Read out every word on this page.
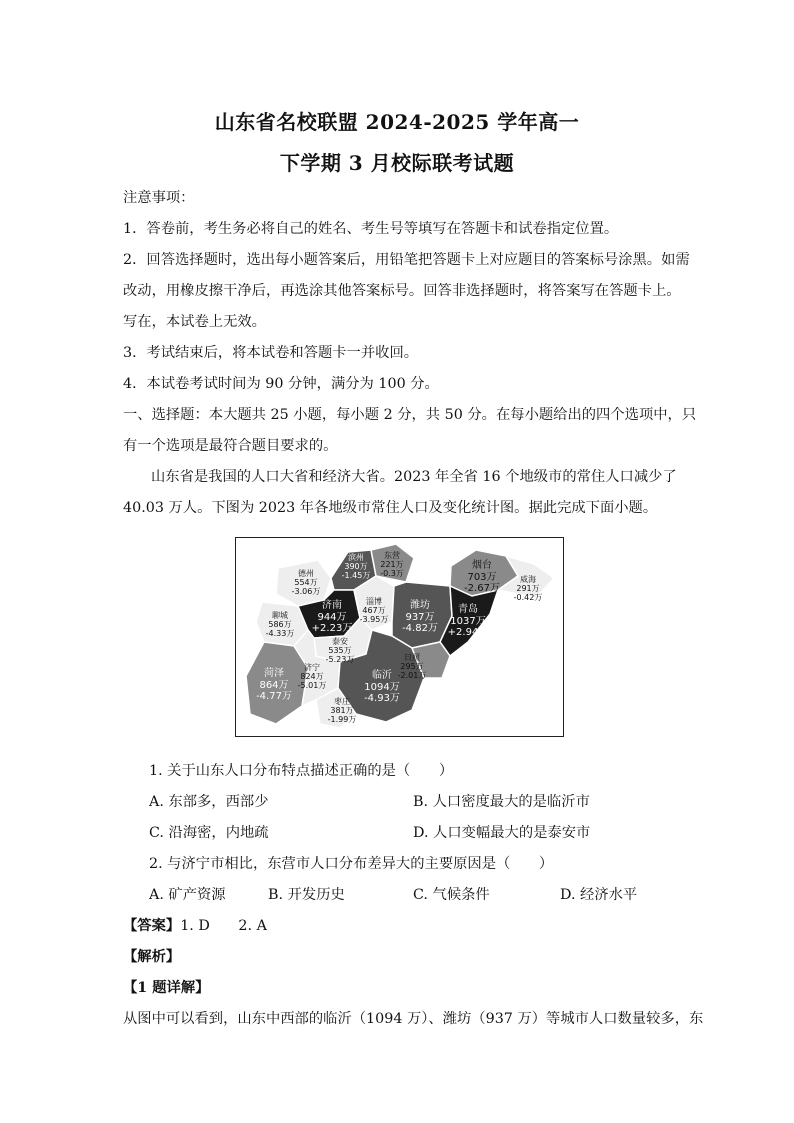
山东省名校联盟 2024-2025 学年高一
下学期 3 月校际联考试题
注意事项：
1．答卷前，考生务必将自己的姓名、考生号等填写在答题卡和试卷指定位置。
2．回答选择题时，选出每小题答案后，用铅笔把答题卡上对应题目的答案标号涂黑。如需
改动，用橡皮擦干净后，再选涂其他答案标号。回答非选择题时，将答案写在答题卡上。
写在，本试卷上无效。
3．考试结束后，将本试卷和答题卡一并收回。
4．本试卷考试时间为 90 分钟，满分为 100 分。
一、选择题：本大题共 25 小题，每小题 2 分，共 50 分。在每小题给出的四个选项中，只
有一个选项是最符合题目要求的。
山东省是我国的人口大省和经济大省。2023 年全省 16 个地级市的常住人口减少了
40.03 万人。下图为 2023 年各地级市常住人口及变化统计图。据此完成下面小题。
滨州
390万
-1.45万
东营
221万
-0.3万
烟台
703万
-2.67万
威海
291万
-0.42万
德州
554万
-3.06万
济南
944万
+2.23万
淄博
467万
-3.95万
潍坊
937万
-4.82万
青岛
1037万
+2.94万
聊城
586万
-4.33万
泰安
535万
-5.23万
济宁
824万
-5.01万
菏泽
864万
-4.77万
临沂
1094万
-4.93万
日照
295万
-2.01万
枣庄
381万
-1.99万
1. 关于山东人口分布特点描述正确的是（　　）
A. 东部多，西部少	B. 人口密度最大的是临沂市
C. 沿海密，内地疏	D. 人口变幅最大的是泰安市
2. 与济宁市相比，东营市人口分布差异大的主要原因是（　　）
A. 矿产资源	B. 开发历史	C. 气候条件	D. 经济水平
【答案】1. D　　2. A
【解析】
【1 题详解】
从图中可以看到，山东中西部的临沂（1094 万）、潍坊（937 万）等城市人口数量较多，东
